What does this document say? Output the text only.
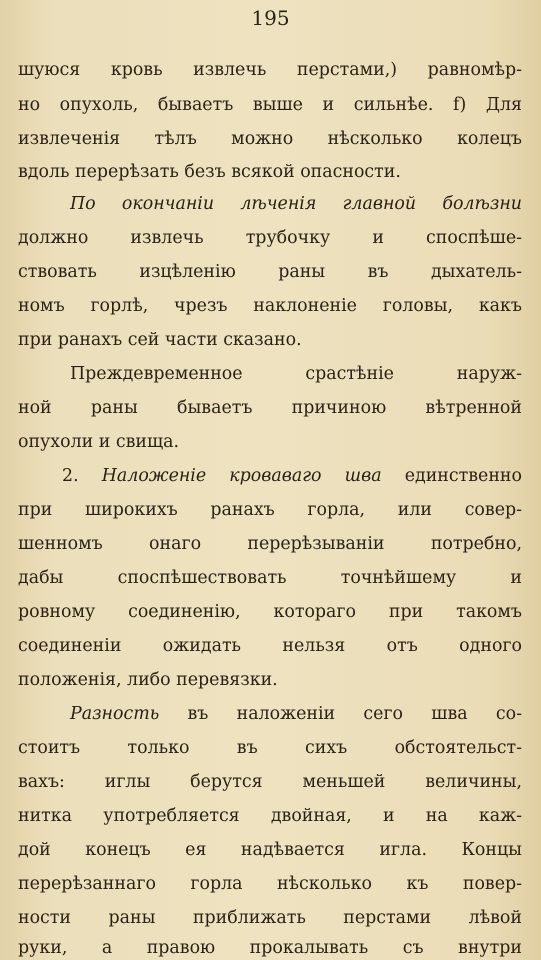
195
шуюся кровь извлечь перстами,) равномѣр-
но опухоль, бываетъ выше и сильнѣе. f) Для
извлеченія тѣлъ можно нѣсколько колецъ
вдоль перерѣзать безъ всякой опасности.
По окончаніи лѣченія главной болѣзни
должно извлечь трубочку и споспѣше-
ствовать изцѣленію раны въ дыхатель-
номъ горлѣ, чрезъ наклоненіе головы, какъ
при ранахъ сей части сказано.
Преждевременное срастѣніе наруж-
ной раны бываетъ причиною вѣтренной
опухоли и свища.
2. Наложеніе кровавагo шва единственно
при широкихъ ранахъ горла, или совер-
шенномъ онаго перерѣзываніи потребно,
дабы споспѣшествовать точнѣйшему и
ровному соединенію, котораго при такомъ
соединеніи ожидать нельзя отъ одного
положенія, либо перевязки.
Разность въ наложеніи сего шва со-
стоитъ только въ сихъ обстоятельст-
вахъ: иглы берутся меньшей величины,
нитка употребляется двойная, и на каж-
дой конецъ ея надѣвается игла. Концы
перерѣзаннаго горла нѣсколько къ повер-
ности раны приближать перстами лѣвой
руки, а правою прокалывать съ внутри
